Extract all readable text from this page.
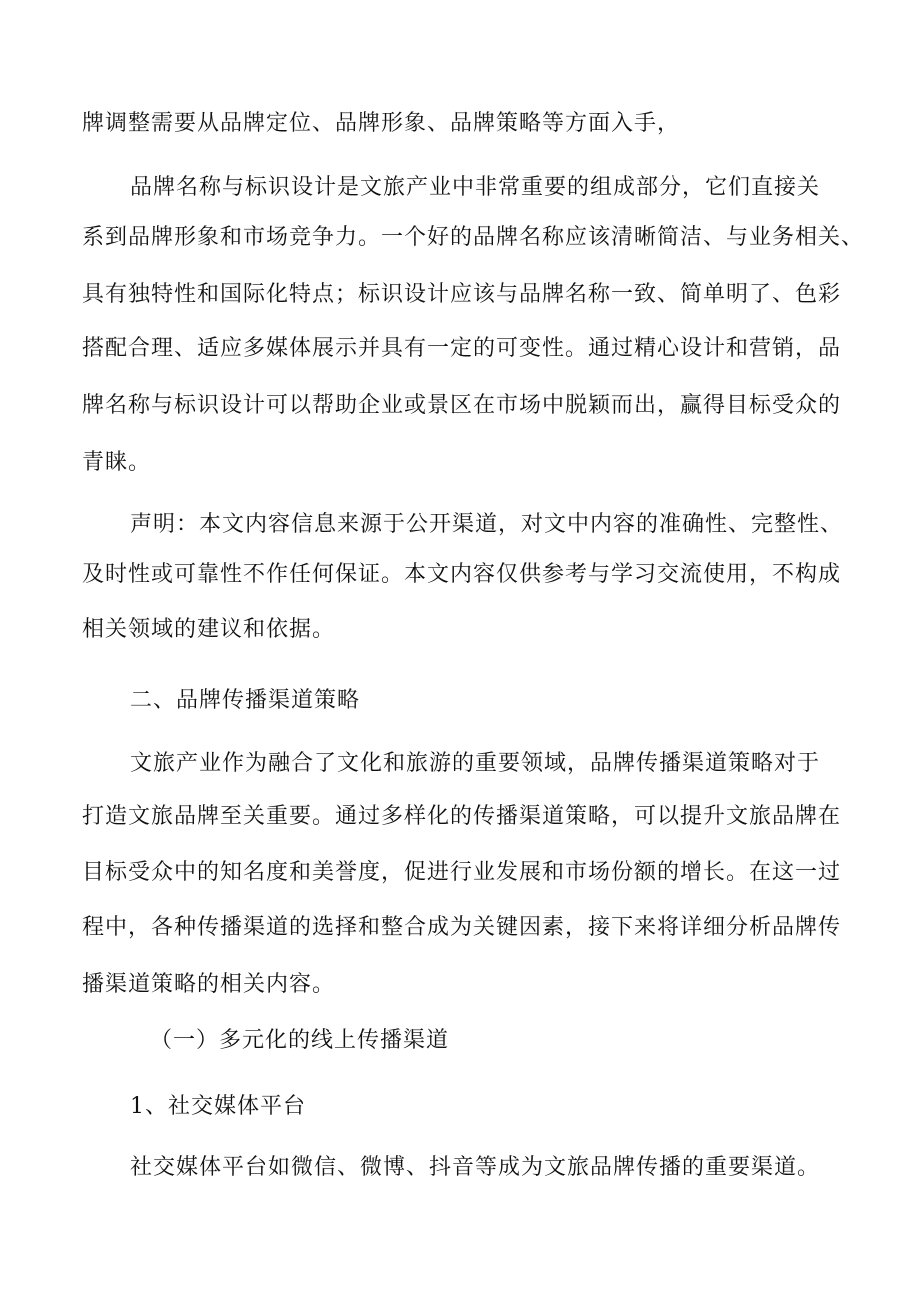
牌调整需要从品牌定位、品牌形象、品牌策略等方面入手，
品牌名称与标识设计是文旅产业中非常重要的组成部分，它们直接关
系到品牌形象和市场竞争力。一个好的品牌名称应该清晰简洁、与业务相关、
具有独特性和国际化特点；标识设计应该与品牌名称一致、简单明了、色彩
搭配合理、适应多媒体展示并具有一定的可变性。通过精心设计和营销，品
牌名称与标识设计可以帮助企业或景区在市场中脱颖而出，赢得目标受众的
青睐。
声明：本文内容信息来源于公开渠道，对文中内容的准确性、完整性、
及时性或可靠性不作任何保证。本文内容仅供参考与学习交流使用，不构成
相关领域的建议和依据。
二、品牌传播渠道策略
文旅产业作为融合了文化和旅游的重要领域，品牌传播渠道策略对于
打造文旅品牌至关重要。通过多样化的传播渠道策略，可以提升文旅品牌在
目标受众中的知名度和美誉度，促进行业发展和市场份额的增长。在这一过
程中，各种传播渠道的选择和整合成为关键因素，接下来将详细分析品牌传
播渠道策略的相关内容。
（一）多元化的线上传播渠道
1、社交媒体平台
社交媒体平台如微信、微博、抖音等成为文旅品牌传播的重要渠道。
